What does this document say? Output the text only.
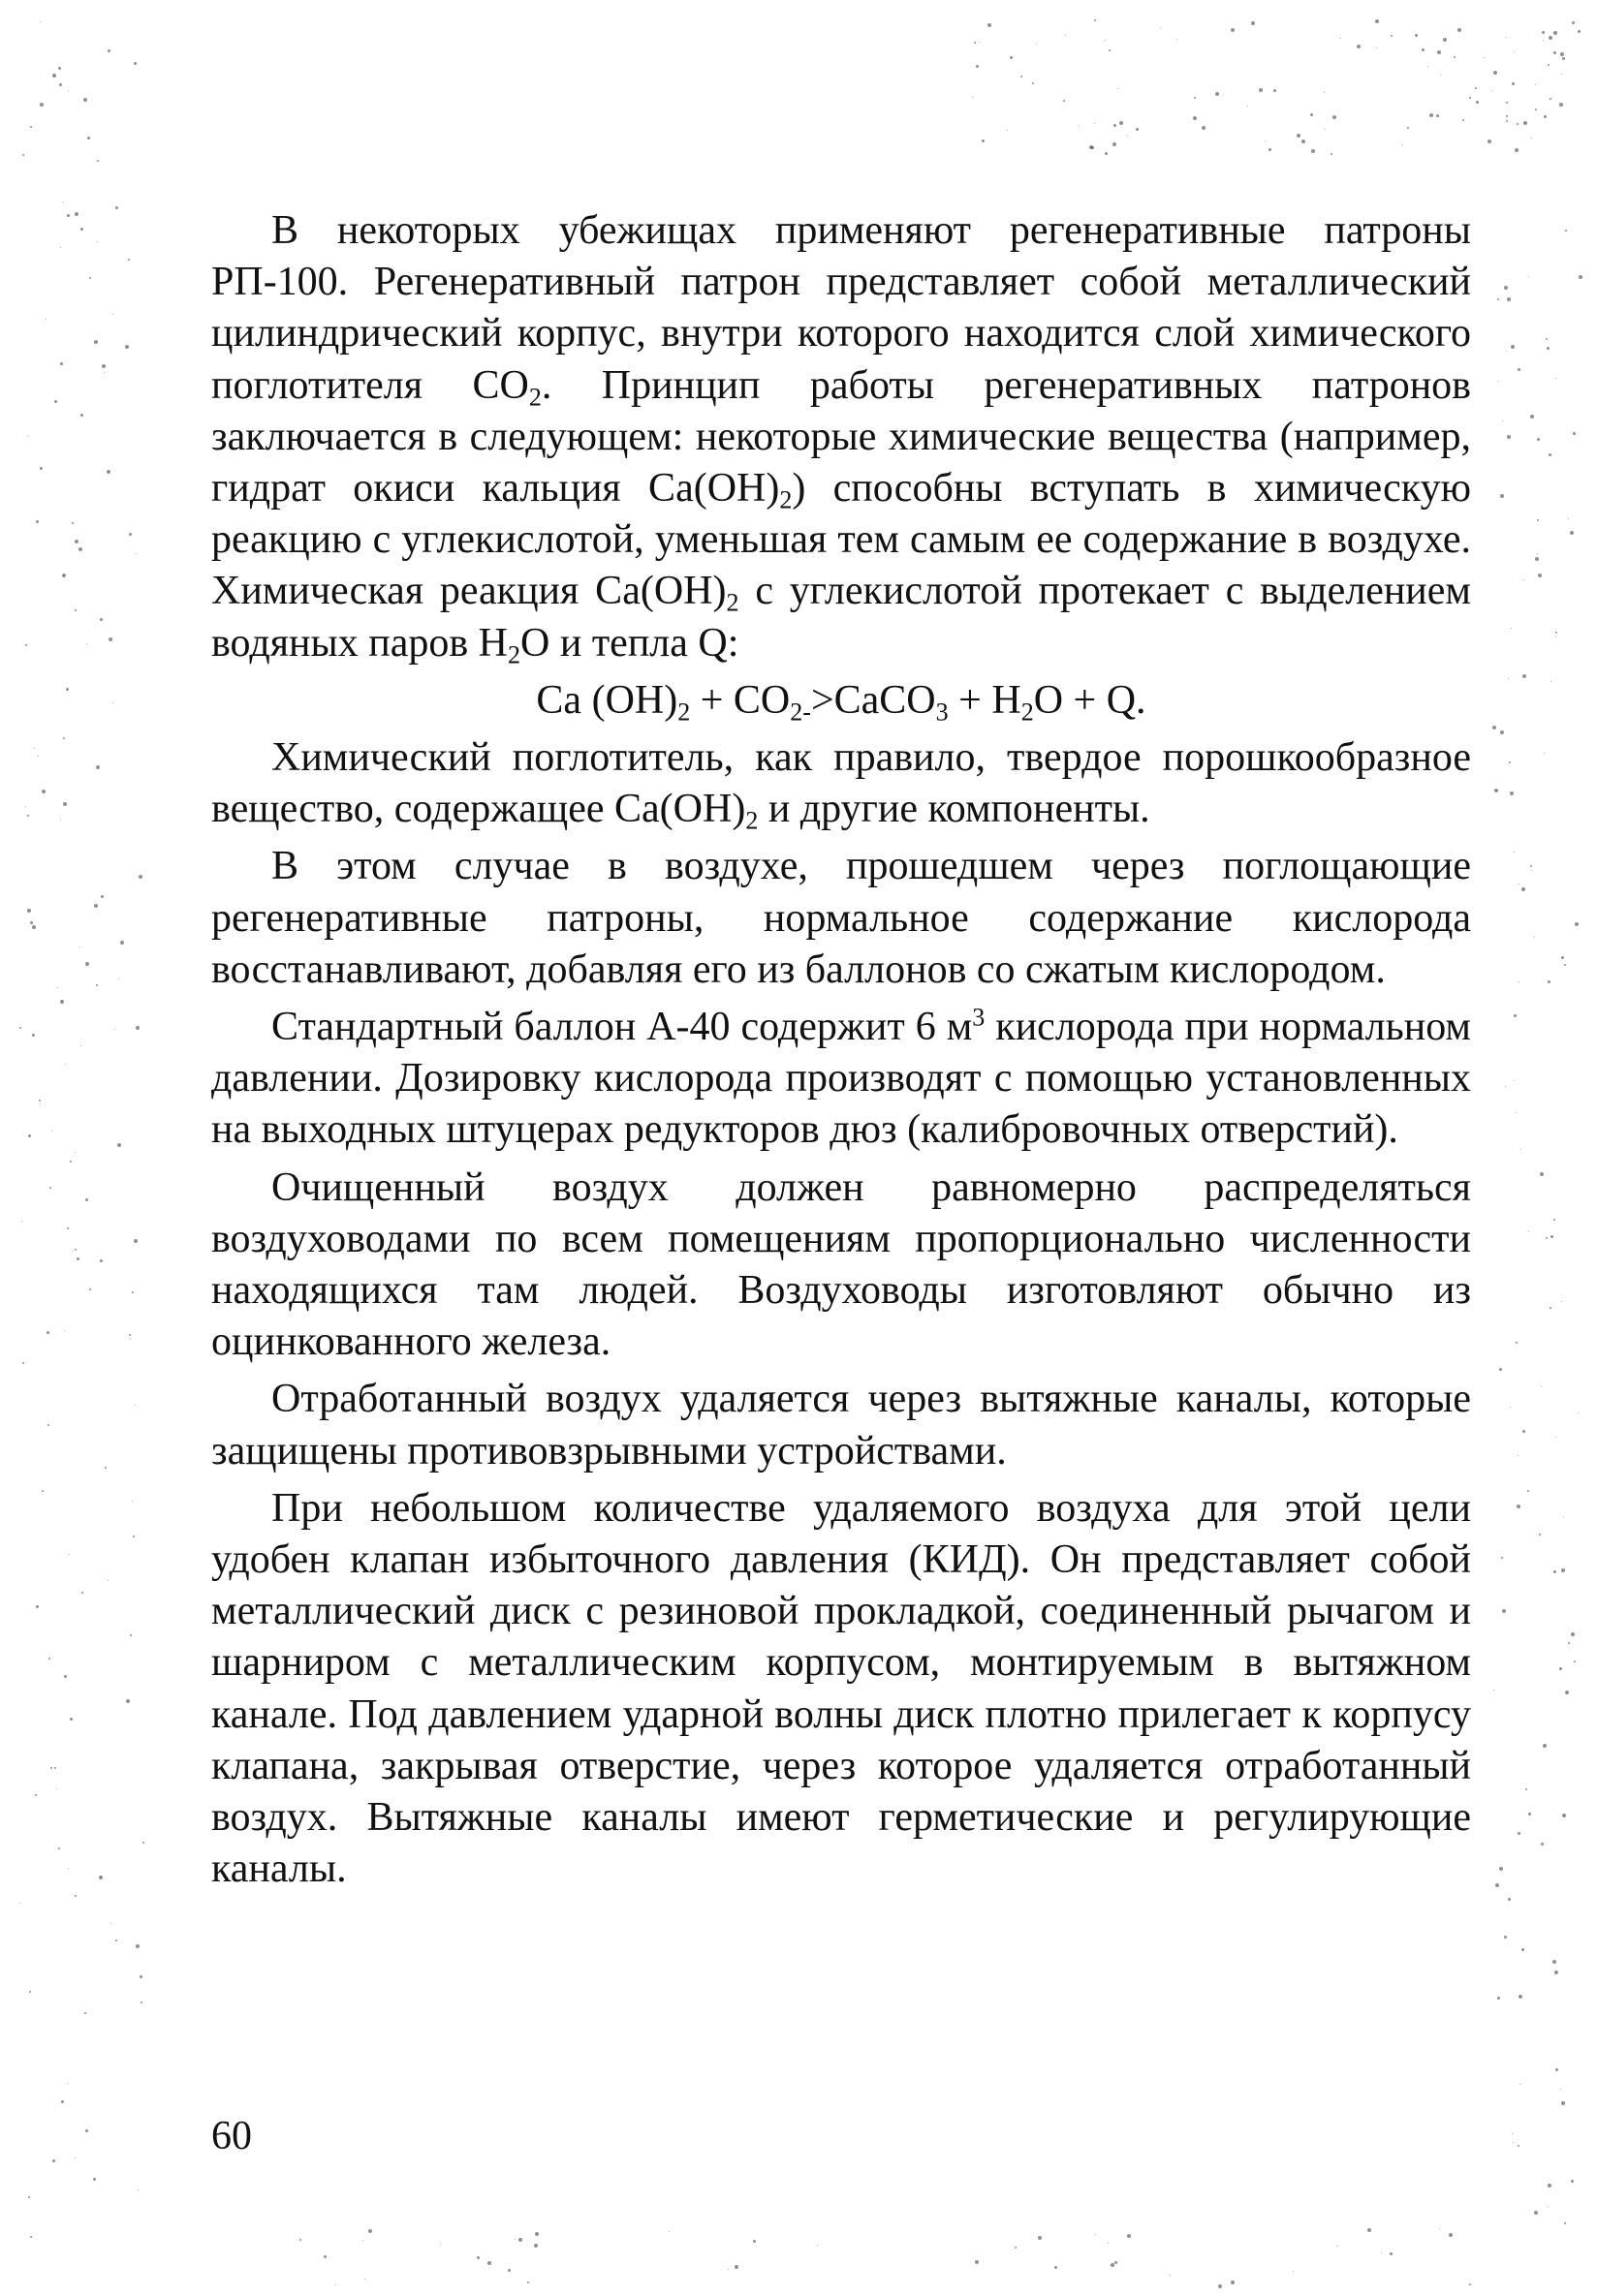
В некоторых убежищах применяют регенеративные патроны РП-100. Регенеративный патрон представляет собой металлический цилиндрический корпус, внутри которого находится слой химического поглотителя $СО_2$. Принцип работы регенеративных патронов заключается в следующем: некоторые химические вещества (например, гидрат окиси кальция $Са(ОН)_2$) способны вступать в химическую реакцию с углекислотой, уменьшая тем самым ее содержание в воздухе. Химическая реакция $Са(ОН)_2$ с углекислотой протекает с выделением водяных паров $Н_2О$ и тепла Q:

Ca $(OH)_2$ + $CO_{2-}>CaCO_3 + H_2O + Q$.

Химический поглотитель, как правило, твердое порошкообразное вещество, содержащее $Са(ОН)_2$ и другие компоненты.

В этом случае в воздухе, прошедшем через поглощающие регенеративные патроны, нормальное содержание кислорода восстанавливают, добавляя его из баллонов со сжатым кислородом.

Стандартный баллон А-40 содержит 6 $м^3$ кислорода при нормальном давлении. Дозировку кислорода производят с помощью установленных на выходных штуцерах редукторов дюз (калибровочных отверстий).

Очищенный воздух должен равномерно распределяться воздуховодами по всем помещениям пропорционально численности находящихся там людей. Воздуховоды изготовляют обычно из оцинкованного железа.

Отработанный воздух удаляется через вытяжные каналы, которые защищены противовзрывными устройствами.

При небольшом количестве удаляемого воздуха для этой цели удобен клапан избыточного давления (КИД). Он представляет собой металлический диск с резиновой прокладкой, соединенный рычагом и шарниром с металлическим корпусом, монтируемым в вытяжном канале. Под давлением ударной волны диск плотно прилегает к корпусу клапана, закрывая отверстие, через которое удаляется отработанный воздух. Вытяжные каналы имеют герметические и регулирующие каналы.

60
